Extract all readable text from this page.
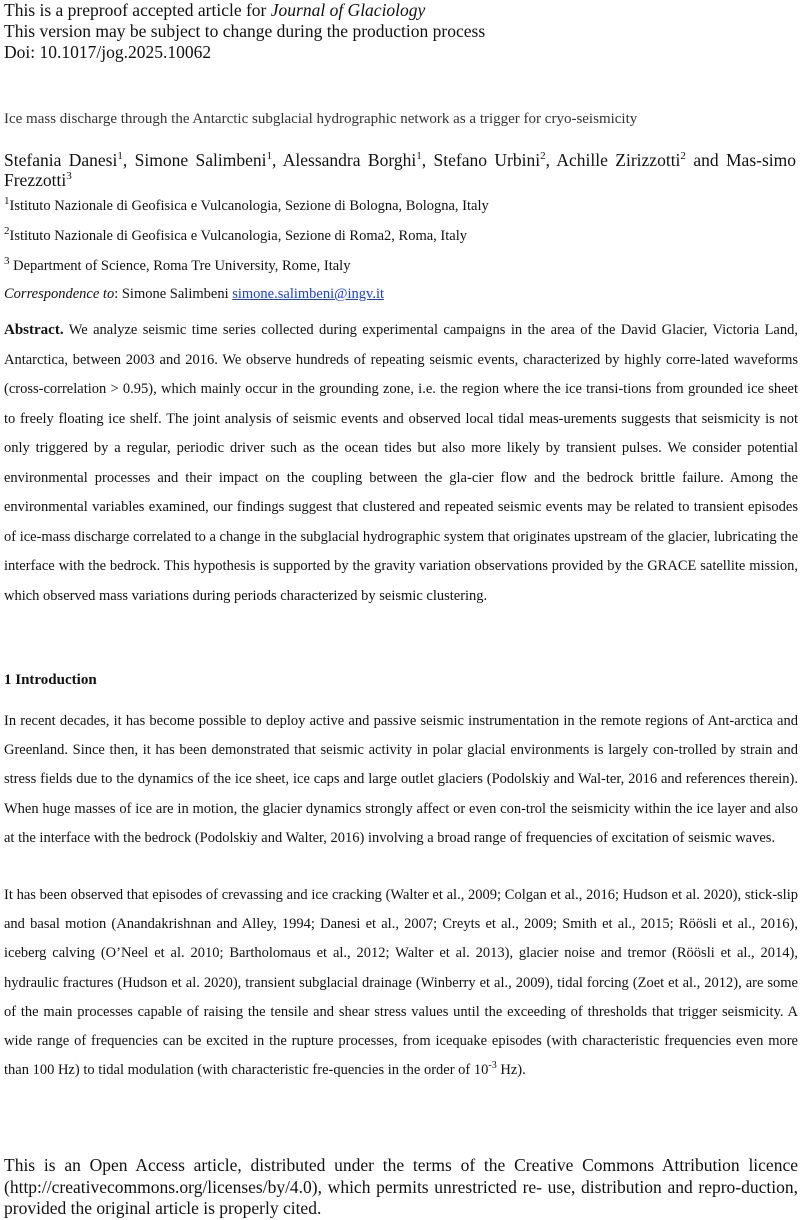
This is a preproof accepted article for Journal of Glaciology
This version may be subject to change during the production process
Doi: 10.1017/jog.2025.10062
Ice mass discharge through the Antarctic subglacial hydrographic network as a trigger for cryo-seismicity
Stefania Danesi$^1$, Simone Salimbeni$^1$, Alessandra Borghi$^1$, Stefano Urbini$^2$, Achille Zirizzotti$^2$ and Mas-simo Frezzotti$^3$
$^1$Istituto Nazionale di Geofisica e Vulcanologia, Sezione di Bologna, Bologna, Italy
$^2$Istituto Nazionale di Geofisica e Vulcanologia, Sezione di Roma2, Roma, Italy
$^3$ Department of Science, Roma Tre University, Rome, Italy
Correspondence to: Simone Salimbeni simone.salimbeni@ingv.it
Abstract. We analyze seismic time series collected during experimental campaigns in the area of the David Glacier, Victoria Land, Antarctica, between 2003 and 2016. We observe hundreds of repeating seismic events, characterized by highly corre-lated waveforms (cross-correlation > 0.95), which mainly occur in the grounding zone, i.e. the region where the ice transi-tions from grounded ice sheet to freely floating ice shelf. The joint analysis of seismic events and observed local tidal meas-urements suggests that seismicity is not only triggered by a regular, periodic driver such as the ocean tides but also more likely by transient pulses. We consider potential environmental processes and their impact on the coupling between the gla-cier flow and the bedrock brittle failure. Among the environmental variables examined, our findings suggest that clustered and repeated seismic events may be related to transient episodes of ice-mass discharge correlated to a change in the subglacial hydrographic system that originates upstream of the glacier, lubricating the interface with the bedrock. This hypothesis is supported by the gravity variation observations provided by the GRACE satellite mission, which observed mass variations during periods characterized by seismic clustering.
1 Introduction
In recent decades, it has become possible to deploy active and passive seismic instrumentation in the remote regions of Ant-arctica and Greenland. Since then, it has been demonstrated that seismic activity in polar glacial environments is largely con-trolled by strain and stress fields due to the dynamics of the ice sheet, ice caps and large outlet glaciers (Podolskiy and Wal-ter, 2016 and references therein). When huge masses of ice are in motion, the glacier dynamics strongly affect or even con-trol the seismicity within the ice layer and also at the interface with the bedrock (Podolskiy and Walter, 2016) involving a broad range of frequencies of excitation of seismic waves.
It has been observed that episodes of crevassing and ice cracking (Walter et al., 2009; Colgan et al., 2016; Hudson et al. 2020), stick-slip and basal motion (Anandakrishnan and Alley, 1994; Danesi et al., 2007; Creyts et al., 2009; Smith et al., 2015; Röösli et al., 2016), iceberg calving (O’Neel et al. 2010; Bartholomaus et al., 2012; Walter et al. 2013), glacier noise and tremor (Röösli et al., 2014), hydraulic fractures (Hudson et al. 2020), transient subglacial drainage (Winberry et al., 2009), tidal forcing (Zoet et al., 2012), are some of the main processes capable of raising the tensile and shear stress values until the exceeding of thresholds that trigger seismicity. A wide range of frequencies can be excited in the rupture processes, from icequake episodes (with characteristic frequencies even more than 100 Hz) to tidal modulation (with characteristic fre-quencies in the order of $10^{-3}$ Hz).
This is an Open Access article, distributed under the terms of the Creative Commons Attribution licence (http://creativecommons.org/licenses/by/4.0), which permits unrestricted re- use, distribution and repro-duction, provided the original article is properly cited.
